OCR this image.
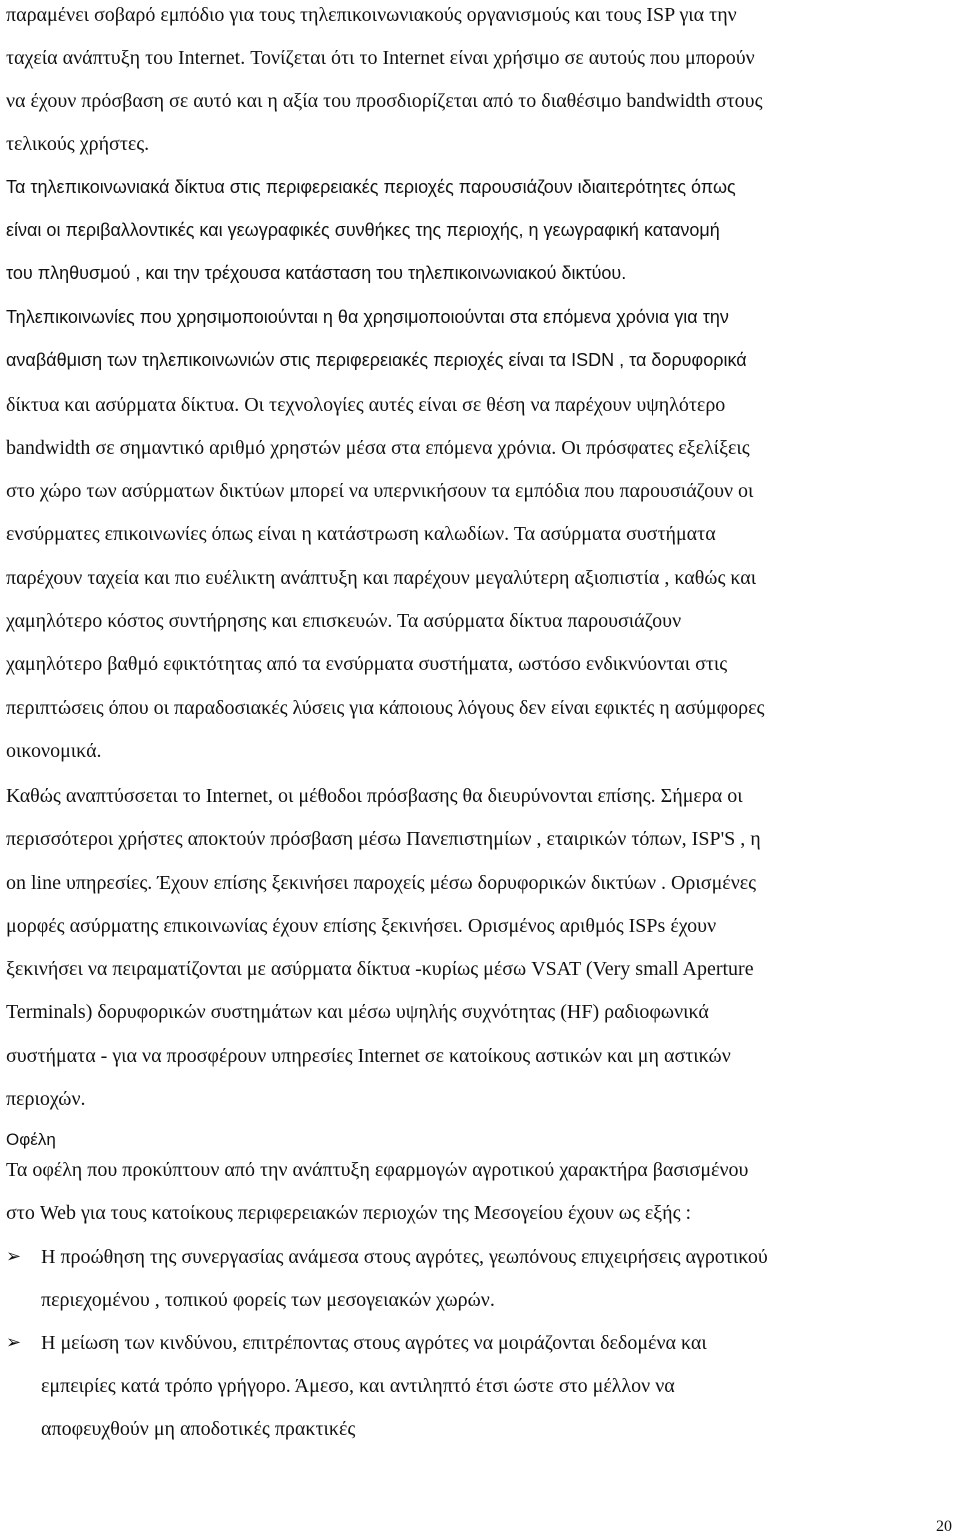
παραμένει σοβαρό εμπόδιο για τους τηλεπικοινωνιακούς οργανισμούς και τους ISP για την
ταχεία ανάπτυξη του Internet. Τονίζεται ότι το Internet είναι χρήσιμο σε αυτούς που μπορούν
να έχουν πρόσβαση σε αυτό και η αξία του προσδιορίζεται από το διαθέσιμο bandwidth στους
τελικούς χρήστες.
Τα τηλεπικοινωνιακά δίκτυα στις περιφερειακές περιοχές παρουσιάζουν ιδιαιτερότητες όπως
είναι οι περιβαλλοντικές και γεωγραφικές συνθήκες της περιοχής, η γεωγραφική κατανομή
του πληθυσμού , και την τρέχουσα κατάσταση του τηλεπικοινωνιακού δικτύου.
Τηλεπικοινωνίες που χρησιμοποιούνται η θα χρησιμοποιούνται στα επόμενα χρόνια για την
αναβάθμιση των τηλεπικοινωνιών στις περιφερειακές περιοχές είναι τα ISDN , τα δορυφορικά
δίκτυα και ασύρματα δίκτυα. Οι τεχνολογίες αυτές είναι σε θέση να παρέχουν υψηλότερο
bandwidth σε σημαντικό αριθμό χρηστών μέσα στα επόμενα χρόνια. Οι πρόσφατες εξελίξεις
στο χώρο των ασύρματων δικτύων μπορεί να υπερνικήσουν τα εμπόδια που παρουσιάζουν οι
ενσύρματες επικοινωνίες όπως είναι η κατάστρωση καλωδίων. Τα ασύρματα συστήματα
παρέχουν ταχεία και πιο ευέλικτη ανάπτυξη και παρέχουν μεγαλύτερη αξιοπιστία , καθώς και
χαμηλότερο κόστος συντήρησης και επισκευών. Τα ασύρματα δίκτυα παρουσιάζουν
χαμηλότερο βαθμό εφικτότητας από τα ενσύρματα συστήματα, ωστόσο ενδικνύονται στις
περιπτώσεις όπου οι παραδοσιακές λύσεις για κάποιους λόγους δεν είναι εφικτές η ασύμφορες
οικονομικά.
Καθώς αναπτύσσεται το Internet, οι μέθοδοι πρόσβασης θα διευρύνονται επίσης. Σήμερα οι
περισσότεροι χρήστες αποκτούν πρόσβαση μέσω Πανεπιστημίων , εταιρικών τόπων, ISP'S , η
on line υπηρεσίες. Έχουν επίσης ξεκινήσει παροχείς μέσω δορυφορικών δικτύων . Ορισμένες
μορφές ασύρματης επικοινωνίας έχουν επίσης ξεκινήσει. Ορισμένος αριθμός ISPs έχουν
ξεκινήσει να πειραματίζονται με ασύρματα δίκτυα -κυρίως μέσω VSAT (Very small Aperture
Terminals) δορυφορικών συστημάτων και μέσω υψηλής συχνότητας (HF) ραδιοφωνικά
συστήματα - για να προσφέρουν υπηρεσίες Internet σε κατοίκους αστικών και μη αστικών
περιοχών.
Οφέλη
Τα οφέλη που προκύπτουν από την ανάπτυξη εφαρμογών αγροτικού χαρακτήρα βασισμένου
στο Web για τους κατοίκους περιφερειακών περιοχών της Μεσογείου έχουν ως εξής :
➢ Η προώθηση της συνεργασίας ανάμεσα στους αγρότες, γεωπόνους επιχειρήσεις αγροτικού
περιεχομένου , τοπικού φορείς των μεσογειακών χωρών.
➢ Η μείωση των κινδύνου, επιτρέποντας στους αγρότες να μοιράζονται δεδομένα και
εμπειρίες κατά τρόπο γρήγορο. Άμεσο, και αντιληπτό έτσι ώστε στο μέλλον να
αποφευχθούν μη αποδοτικές πρακτικές
20
